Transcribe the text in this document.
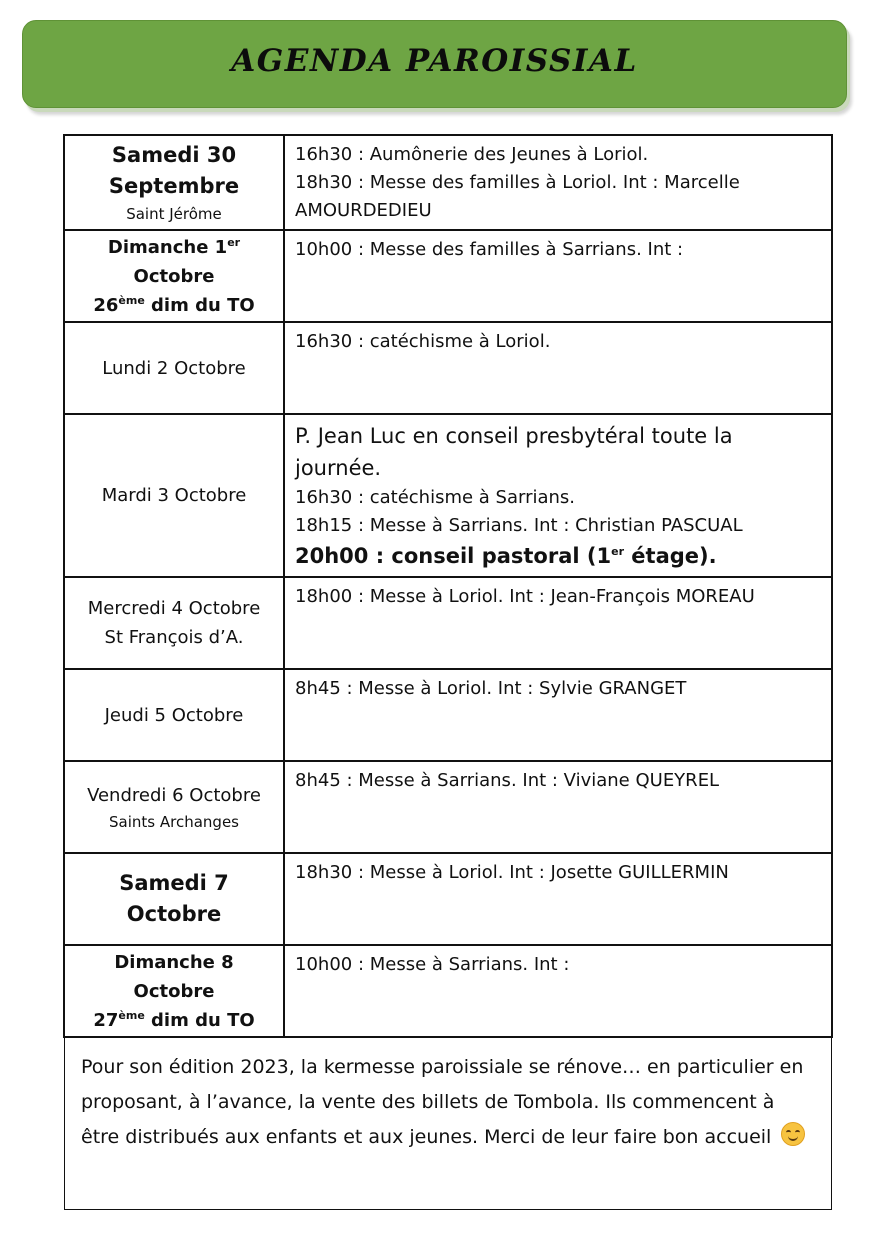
AGENDA PAROISSIAL
Samedi 30
Septembre
Saint Jérôme	16h30 : Aumônerie des Jeunes à Loriol.
18h30 : Messe des familles à Loriol. Int : Marcelle AMOURDEDIEU

Dimanche 1er
Octobre
26ème dim du TO	10h00 : Messe des familles à Sarrians. Int :

Lundi 2 Octobre	16h30 : catéchisme à Loriol.

Mardi 3 Octobre	P. Jean Luc en conseil presbytéral toute la journée.
16h30 : catéchisme à Sarrians.
18h15 : Messe à Sarrians. Int : Christian PASCUAL
20h00 : conseil pastoral (1er étage).

Mercredi 4 Octobre
St François d’A.	18h00 : Messe à Loriol. Int : Jean-François MOREAU

Jeudi 5 Octobre	8h45 : Messe à Loriol. Int : Sylvie GRANGET

Vendredi 6 Octobre
Saints Archanges	8h45 : Messe à Sarrians. Int : Viviane QUEYREL

Samedi 7
Octobre	18h30 : Messe à Loriol. Int : Josette GUILLERMIN

Dimanche 8
Octobre
27ème dim du TO	10h00 : Messe à Sarrians. Int :
Pour son édition 2023, la kermesse paroissiale se rénove… en particulier en proposant, à l’avance, la vente des billets de Tombola. Ils commencent à être distribués aux enfants et aux jeunes. Merci de leur faire bon accueil
